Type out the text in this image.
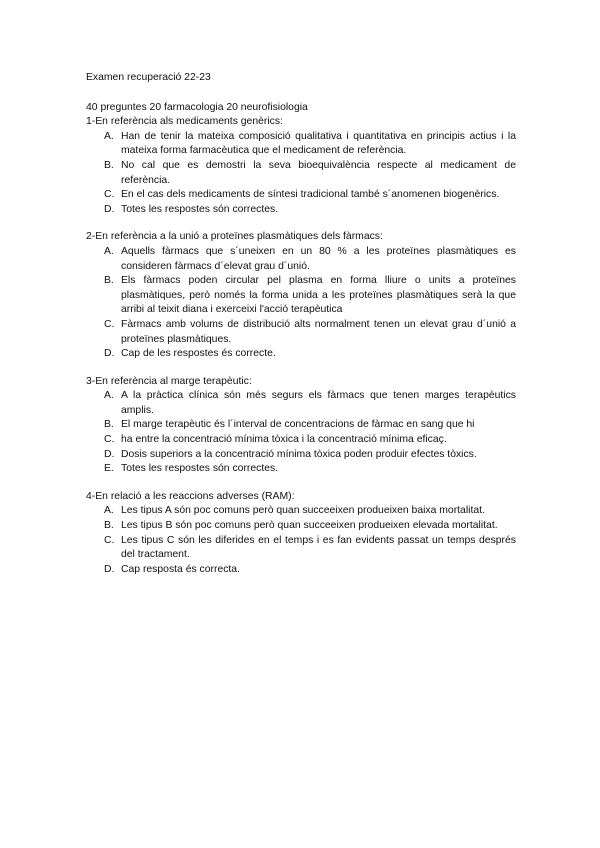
Examen recuperació 22-23
40 preguntes 20 farmacologia 20 neurofisiologia
1-En referència als medicaments genèrics:
A. Han de tenir la mateixa composició qualitativa i quantitativa en principis actius i la mateixa forma farmacèutica que el medicament de referència.
B. No cal que es demostri la seva bioequivalència respecte al medicament de referència.
C. En el cas dels medicaments de síntesi tradicional també s´anomenen biogenèrics.
D. Totes les respostes són correctes.
2-En referència a la unió a proteïnes plasmàtiques dels fàrmacs:
A. Aquells fàrmacs que s´uneixen en un 80 % a les proteïnes plasmàtiques es consideren fàrmacs d´elevat grau d´unió.
B. Els fàrmacs poden circular pel plasma en forma lliure o units a proteïnes plasmàtiques, però només la forma unida a les proteïnes plasmàtiques serà la que arribi al teixit diana i exerceixi l'acció terapèutica
C. Fàrmacs amb volums de distribució alts normalment tenen un elevat grau d´unió a proteïnes plasmàtiques.
D. Cap de les respostes és correcte.
3-En referència al marge terapèutic:
A. A la pràctica clínica són més segurs els fàrmacs que tenen marges terapèutics amplis.
B. El marge terapèutic és l´interval de concentracions de fàrmac en sang que hi
C. ha entre la concentració mínima tòxica i la concentració mínima eficaç.
D. Dosis superiors a la concentració mínima tòxica poden produir efectes tòxics.
E. Totes les respostes són correctes.
4-En relació a les reaccions adverses (RAM):
A. Les tipus A són poc comuns però quan succeeixen produeixen baixa mortalitat.
B. Les tipus B són poc comuns però quan succeeixen produeixen elevada mortalitat.
C. Les tipus C són les diferides en el temps i es fan evidents passat un temps després del tractament.
D. Cap resposta és correcta.
